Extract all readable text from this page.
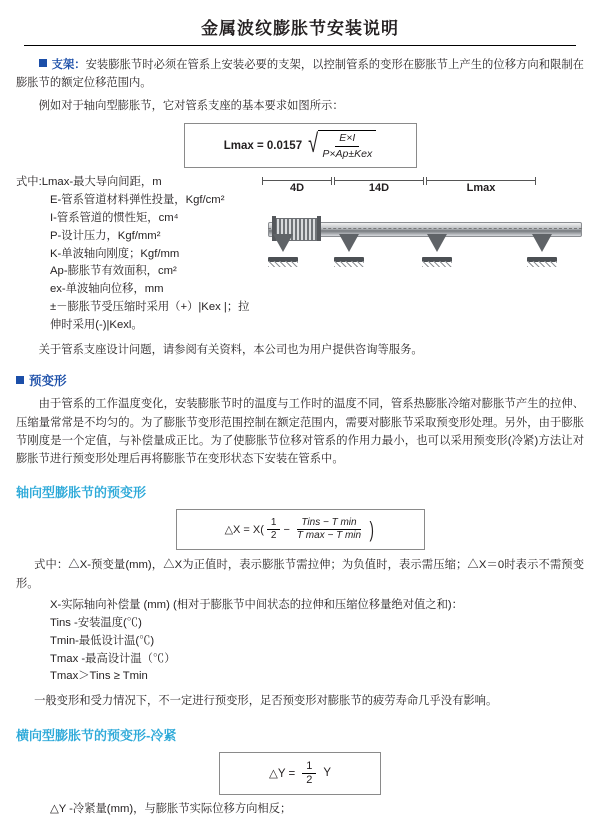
金属波纹膨胀节安装说明

支架：安装膨胀节时必须在管系上安装必要的支架，以控制管系的变形在膨胀节上产生的位移方向和限制在膨胀节的额定位移范围内。

例如对于轴向型膨胀节，它对管系支座的基本要求如图所示：

Lmax = 0.0157 √ $\frac{E\times I}{\text{P×Ap±Kex}}$
式中:Lmax-最大导向间距，m
E-管系管道材料弹性投量，Kgf/cm²
I-管系管道的惯性矩，cm⁴
P-设计压力，Kgf/mm²
K-单波轴向刚度；Kgf/mm
Ap-膨胀节有效面积，cm²
ex-单波轴向位移，mm
±－膨胀节受压缩时采用（+）|Kex |；拉伸时采用(-)|Kexl。
4D	14D	Lmax

关于管系支座设计问题，请参阅有关资料，本公司也为用户提供咨询等服务。

预变形

由于管系的工作温度变化，安装膨胀节时的温度与工作时的温度不同，管系热膨胀冷缩对膨胀节产生的拉伸、压缩量常常是不均匀的。为了膨胀节变形范围控制在额定范围内，需要对膨胀节采取预变形处理。另外，由于膨胀节刚度是一个定值，与补偿量成正比。为了使膨胀节位移对管系的作用力最小，也可以采用预变形(冷紧)方法让对膨胀节进行预变形处理后再将膨胀节在变形状态下安装在管系中。

轴向型膨胀节的预变形
△X = $X( \frac{1}{2} - \frac{\text{Tins − T min}}{\text{T max − T min}}$ )

式中：△X-预变量(mm)，△X为正值时，表示膨胀节需拉伸；为负值时，表示需压缩；△X＝0时表示不需预变形。

X-实际轴向补偿量 (mm) (相对于膨胀节中间状态的拉伸和压缩位移量绝对值之和)：
Tins -安装温度(℃)
Tmin-最低设计温(℃)
Tmax -最高设计温（℃）
Tmax＞Tins ≥ Tmin

一般变形和受力情况下，不一定进行预变形，足否预变形对膨胀节的疲劳寿命几乎没有影响。

横向型膨胀节的预变形-冷紧
△Y = $\frac{1}{2}$ Y
△Y -冷紧量(mm)，与膨胀节实际位移方向相反；
